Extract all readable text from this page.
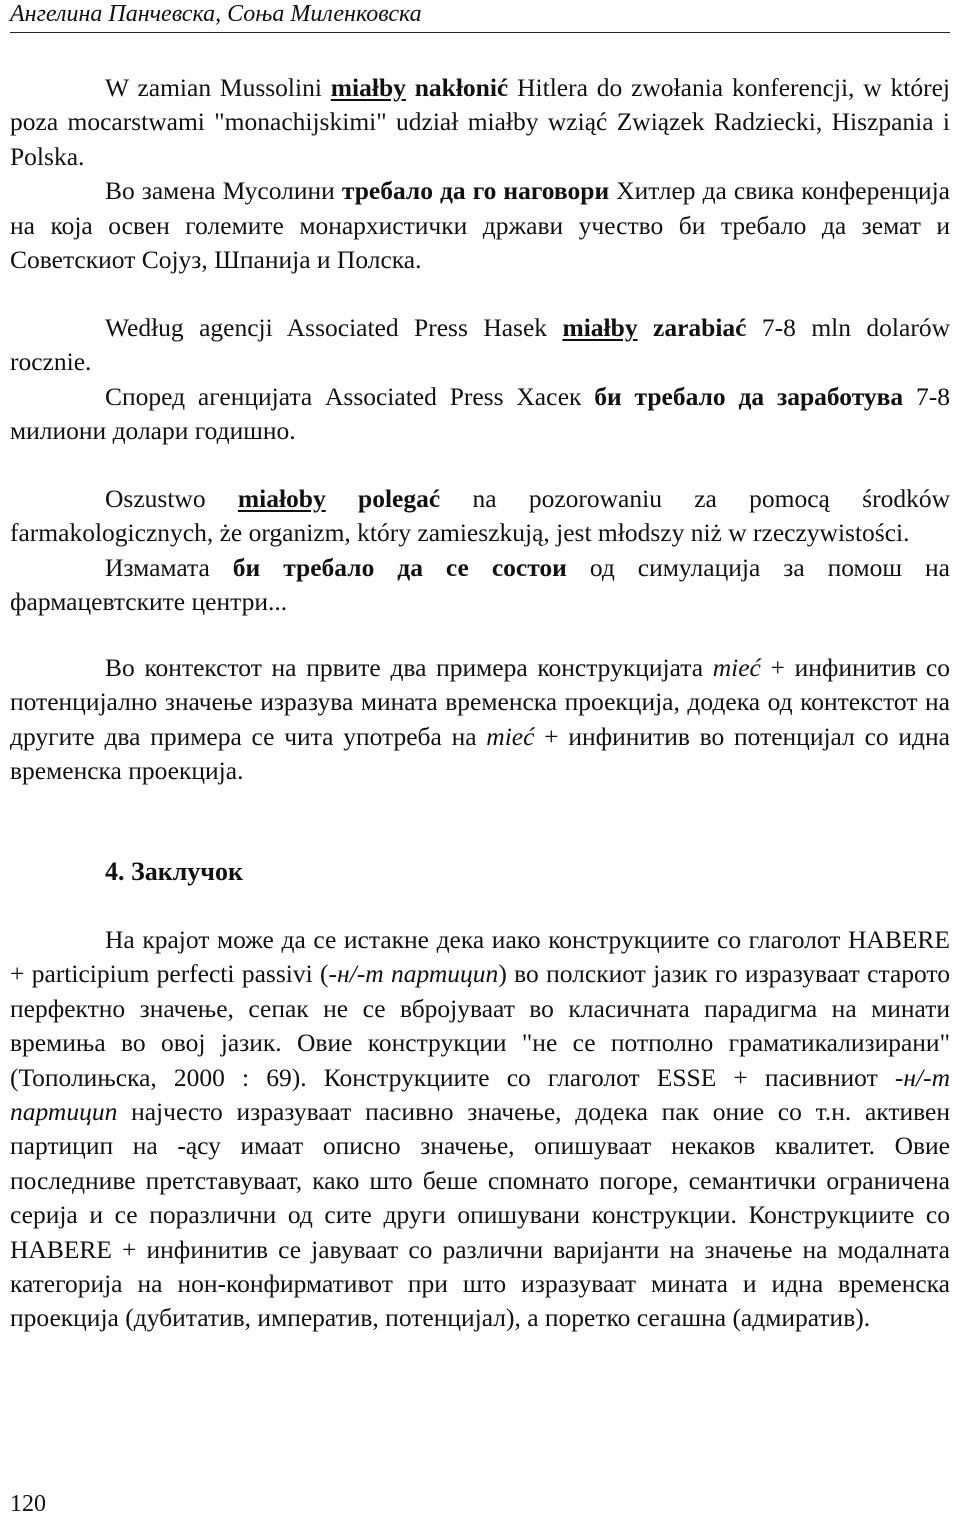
Ангелина Панчевска, Соња Миленковска

W zamian Mussolini miałby nakłonić Hitlera do zwołania konferencji, w której poza mocarstwami "monachijskimi" udział miałby wziąć Związek Radziecki, Hiszpania i Polska.

Во замена Мусолини требало да го наговори Хитлер да свика конференција на која освен големите монархистички држави учество би требало да земат и Советскиот Сојуз, Шпанија и Полска.

Według agencji Associated Press Hasek miałby zarabiać 7-8 mln dolarów rocznie.

Според агенцијата Associated Press Хасек би требало да заработува 7-8 милиони долари годишно.

Oszustwo miałoby polegać na pozorowaniu za pomocą środków farmakologicznych, że organizm, który zamieszkują, jest młodszy niż w rzeczywistości.

Измамата би требало да се состои од симулација за помош на фармацевтските центри...

Во контекстот на првите два примера конструкцијата mieć + инфинитив со потенцијално значење изразува мината временска проекција, додека од контекстот на другите два примера се чита употреба на mieć + инфинитив во потенцијал со идна временска проекција.

4. Заклучок

На крајот може да се истакне дека иако конструкциите со глаголот HABERE + participium perfecti passivi (-н/-т партицип) во полскиот јазик го изразуваат старото перфектно значење, сепак не се вбројуваат во класичната парадигма на минати времиња во овој јазик. Овие конструкции "не се потполно граматикализирани" (Тополињска, 2000 : 69). Конструкциите со глаголот ESSE + пасивниот -н/-т партицип најчесто изразуваат пасивно значење, додека пак оние со т.н. активен партицип на -ąсу имаат описно значење, опишуваат некаков квалитет. Овие последниве претставуваат, како што беше спомнато погоре, семантички ограничена серија и се поразлични од сите други опишувани конструкции. Конструкциите со HABERE + инфинитив се јавуваат со различни варијанти на значење на модалната категорија на нон-конфирмативот при што изразуваат мината и идна временска проекција (дубитатив, императив, потенцијал), а поретко сегашна (адмиратив).

120
